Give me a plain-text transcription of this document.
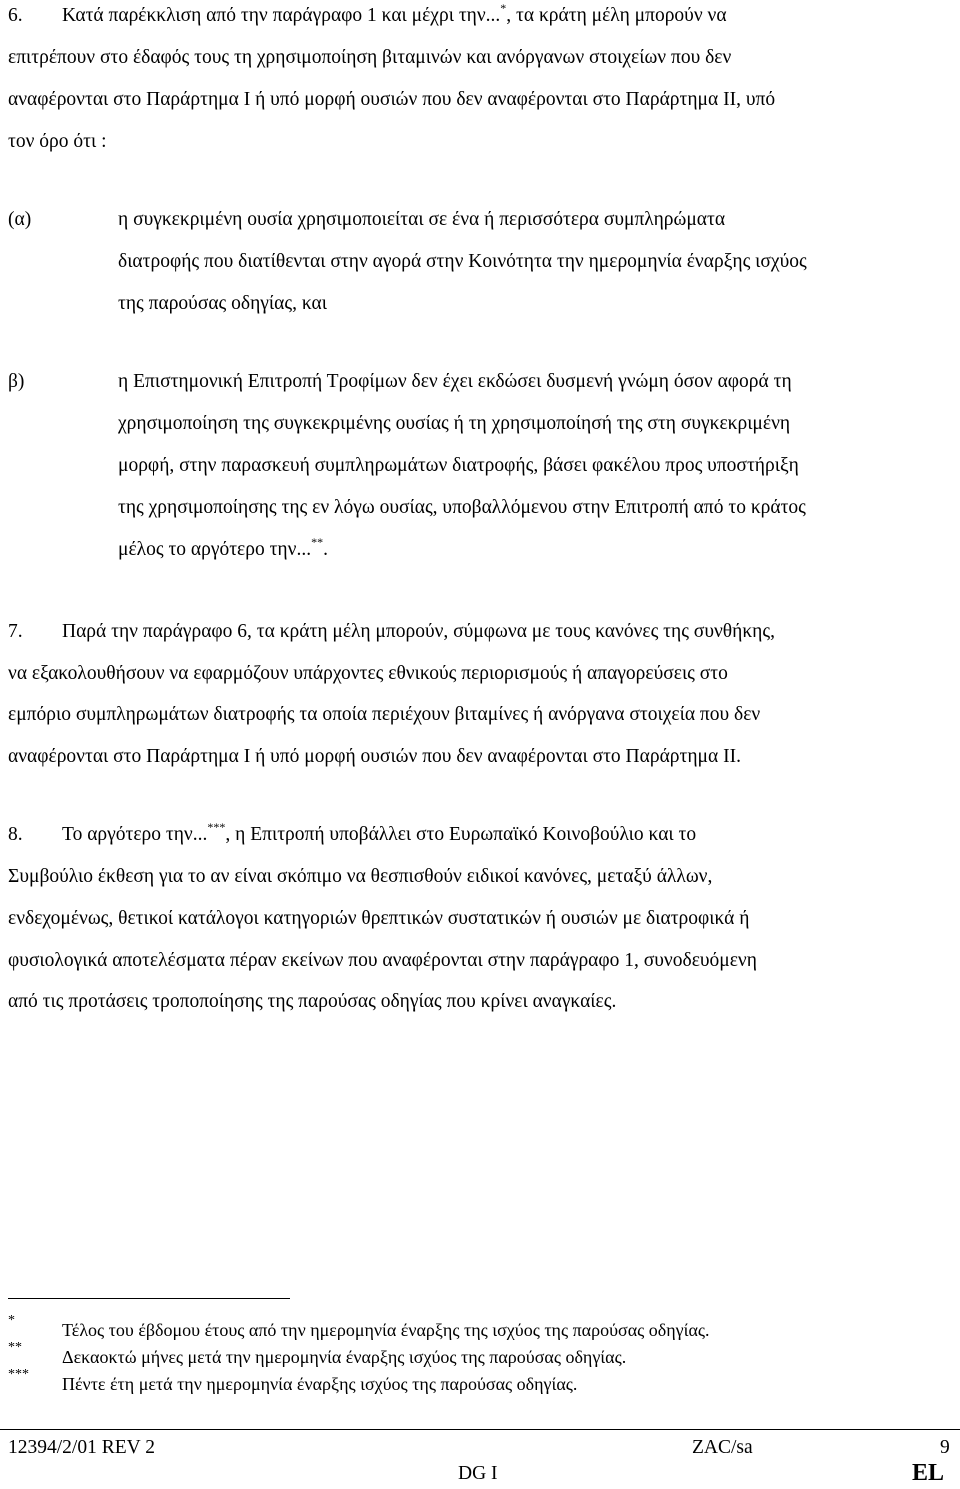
6. Κατά παρέκκλιση από την παράγραφο 1 και μέχρι την...*, τα κράτη μέλη μπορούν να
επιτρέπουν στο έδαφός τους τη χρησιμοποίηση βιταμινών και ανόργανων στοιχείων που δεν
αναφέρονται στο Παράρτημα I ή υπό μορφή ουσιών που δεν αναφέρονται στο Παράρτημα II, υπό
τον όρο ότι :
(α)	η συγκεκριμένη ουσία χρησιμοποιείται σε ένα ή περισσότερα συμπληρώματα
διατροφής που διατίθενται στην αγορά στην Κοινότητα την ημερομηνία έναρξης ισχύος
της παρούσας οδηγίας, και
β)	η Επιστημονική Επιτροπή Τροφίμων δεν έχει εκδώσει δυσμενή γνώμη όσον αφορά τη
χρησιμοποίηση της συγκεκριμένης ουσίας ή τη χρησιμοποίησή της στη συγκεκριμένη
μορφή, στην παρασκευή συμπληρωμάτων διατροφής, βάσει φακέλου προς υποστήριξη
της χρησιμοποίησης της εν λόγω ουσίας, υποβαλλόμενου στην Επιτροπή από το κράτος
μέλος το αργότερο την...**.
7. Παρά την παράγραφο 6, τα κράτη μέλη μπορούν, σύμφωνα με τους κανόνες της συνθήκης,
να εξακολουθήσουν να εφαρμόζουν υπάρχοντες εθνικούς περιορισμούς ή απαγορεύσεις στο
εμπόριο συμπληρωμάτων διατροφής τα οποία περιέχουν βιταμίνες ή ανόργανα στοιχεία που δεν
αναφέρονται στο Παράρτημα I ή υπό μορφή ουσιών που δεν αναφέρονται στο Παράρτημα II.
8. Το αργότερο την...***, η Επιτροπή υποβάλλει στο Ευρωπαϊκό Κοινοβούλιο και το
Συμβούλιο έκθεση για το αν είναι σκόπιμο να θεσπισθούν ειδικοί κανόνες, μεταξύ άλλων,
ενδεχομένως, θετικοί κατάλογοι κατηγοριών θρεπτικών συστατικών ή ουσιών με διατροφικά ή
φυσιολογικά αποτελέσματα πέραν εκείνων που αναφέρονται στην παράγραφο 1, συνοδευόμενη
από τις προτάσεις τροποποίησης της παρούσας οδηγίας που κρίνει αναγκαίες.
*	Τέλος του έβδομου έτους από την ημερομηνία έναρξης της ισχύος της παρούσας οδηγίας.
** Δεκαοκτώ μήνες μετά την ημερομηνία έναρξης ισχύος της παρούσας οδηγίας.
*** Πέντε έτη μετά την ημερομηνία έναρξης ισχύος της παρούσας οδηγίας.
12394/2/01 REV 2	ZAC/sa	9
DG I	EL
